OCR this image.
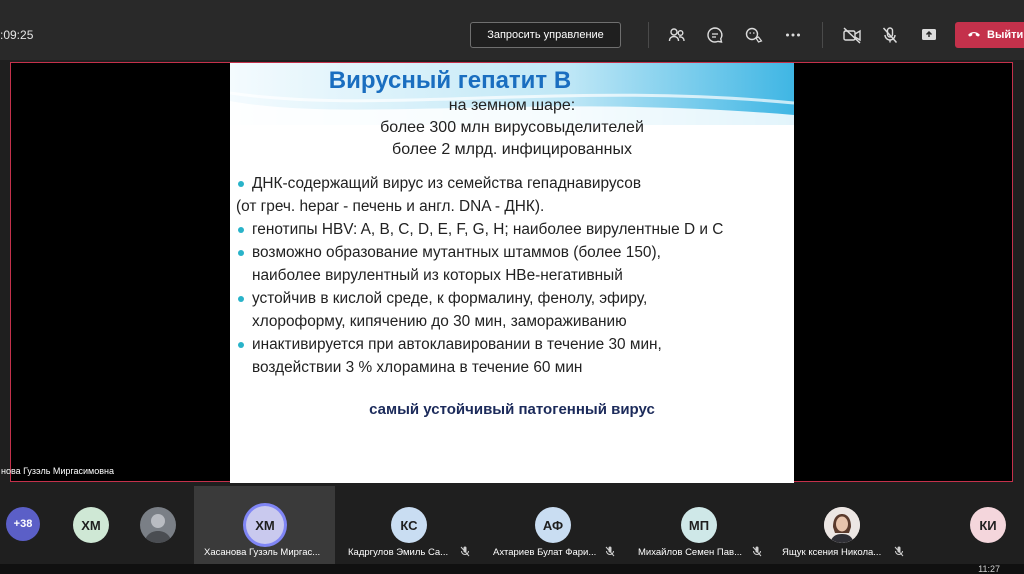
:09:25	Запросить управление	Выйти
Вирусный гепатит В
на земном шаре:
более 300 млн вирусовыделителей
более 2 млрд. инфицированных
ДНК-содержащий вирус из семейства гепаднавирусов
(от греч. hepar - печень и англ. DNA - ДНК).
генотипы HBV: A, B, C, D, E, F, G, H; наиболее вирулентные D и C
возможно образование мутантных штаммов (более 150),
наиболее вирулентный из которых HBe-негативный
устойчив в кислой среде, к формалину, фенолу, эфиру,
хлороформу, кипячению до 30 мин, замораживанию
инактивируется при автоклавировании в течение 30 мин,
воздействии 3 % хлорамина в течение 60 мин
самый устойчивый патогенный вирус
нова Гузэль Миргасимовна
+38	ХМ	ХМ
Хасанова Гузэль Миргас...
КС
Кадргулов Эмиль Са...
АФ
Ахтариев Булат Фари...
МП
Михайлов Семен Пав...	Ящук ксения Никола...
КИ
11:27
